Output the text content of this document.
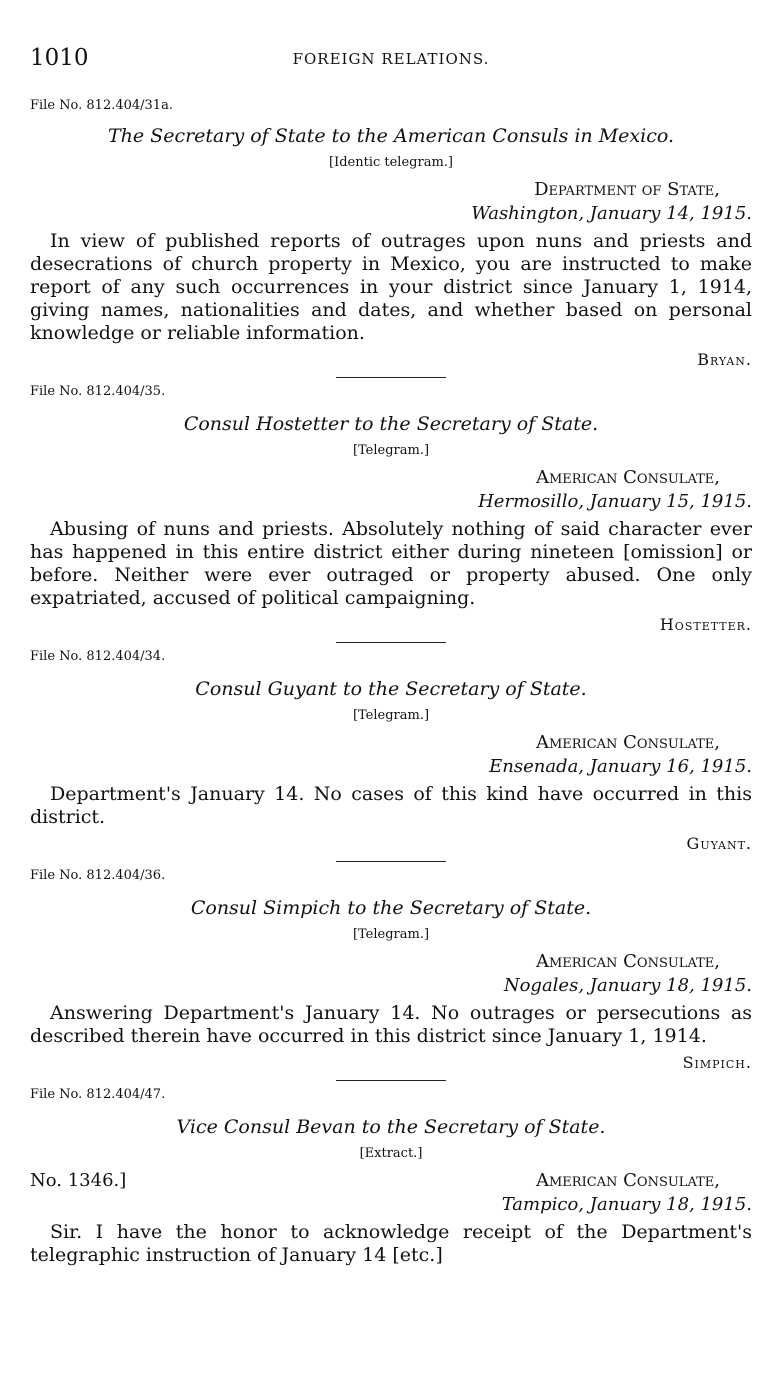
1010	FOREIGN RELATIONS.

File No. 812.404/31a.

The Secretary of State to the American Consuls in Mexico.
[Identic telegram.]
Department of State,
Washington, January 14, 1915.

In view of published reports of outrages upon nuns and priests and desecrations of church property in Mexico, you are instructed to make report of any such occurrences in your district since January 1, 1914, giving names, nationalities and dates, and whether based on personal knowledge or reliable information.

Bryan.

File No. 812.404/35.

Consul Hostetter to the Secretary of State.
[Telegram.]
American Consulate,
Hermosillo, January 15, 1915.

Abusing of nuns and priests. Absolutely nothing of said character ever has happened in this entire district either during nineteen [omission] or before. Neither were ever outraged or property abused. One only expatriated, accused of political campaigning.

Hostetter.

File No. 812.404/34.

Consul Guyant to the Secretary of State.
[Telegram.]
American Consulate,
Ensenada, January 16, 1915.

Department's January 14. No cases of this kind have occurred in this district.

Guyant.

File No. 812.404/36.

Consul Simpich to the Secretary of State.
[Telegram.]
American Consulate,
Nogales, January 18, 1915.

Answering Department's January 14. No outrages or persecutions as described therein have occurred in this district since January 1, 1914.

Simpich.

File No. 812.404/47.

Vice Consul Bevan to the Secretary of State.
[Extract.]
No. 1346.]	American Consulate,
Tampico, January 18, 1915.

Sir. I have the honor to acknowledge receipt of the Department's telegraphic instruction of January 14 [etc.]
